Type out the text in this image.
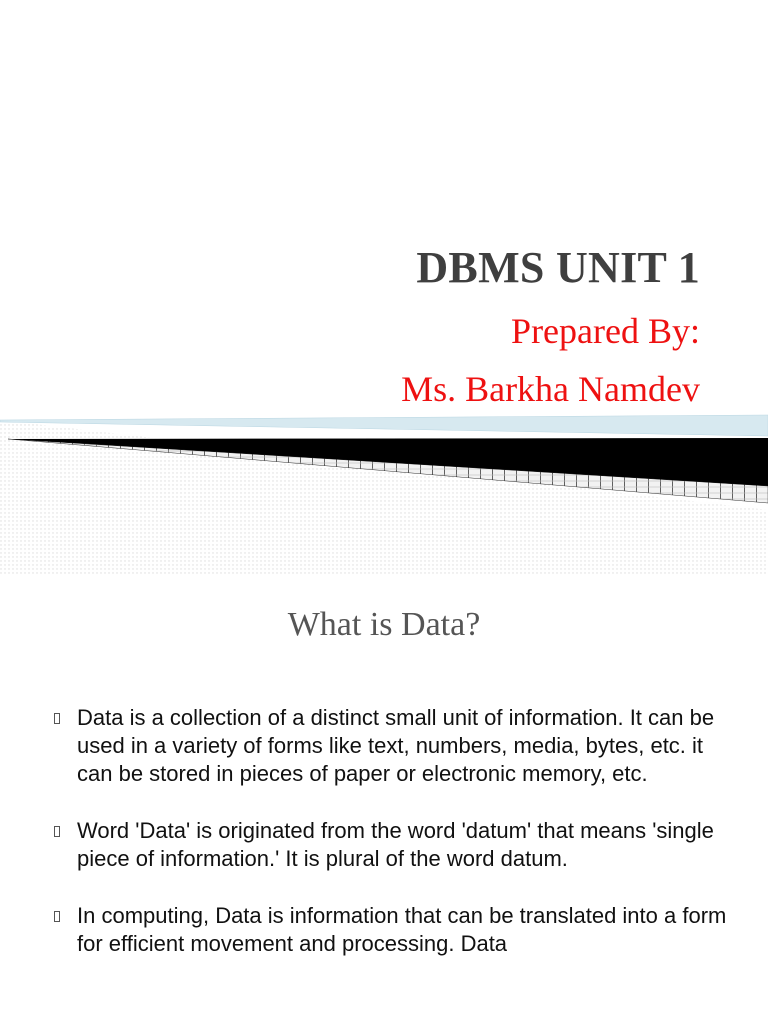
DBMS UNIT 1
Prepared By:
Ms. Barkha Namdev
What is Data?
Data is a collection of a distinct small unit of information. It can be used in a variety of forms like text, numbers, media, bytes, etc. it can be stored in pieces of paper or electronic memory, etc.
Word 'Data' is originated from the word 'datum' that means 'single piece of information.' It is plural of the word datum.
In computing, Data is information that can be translated into a form for efficient movement and processing. Data
